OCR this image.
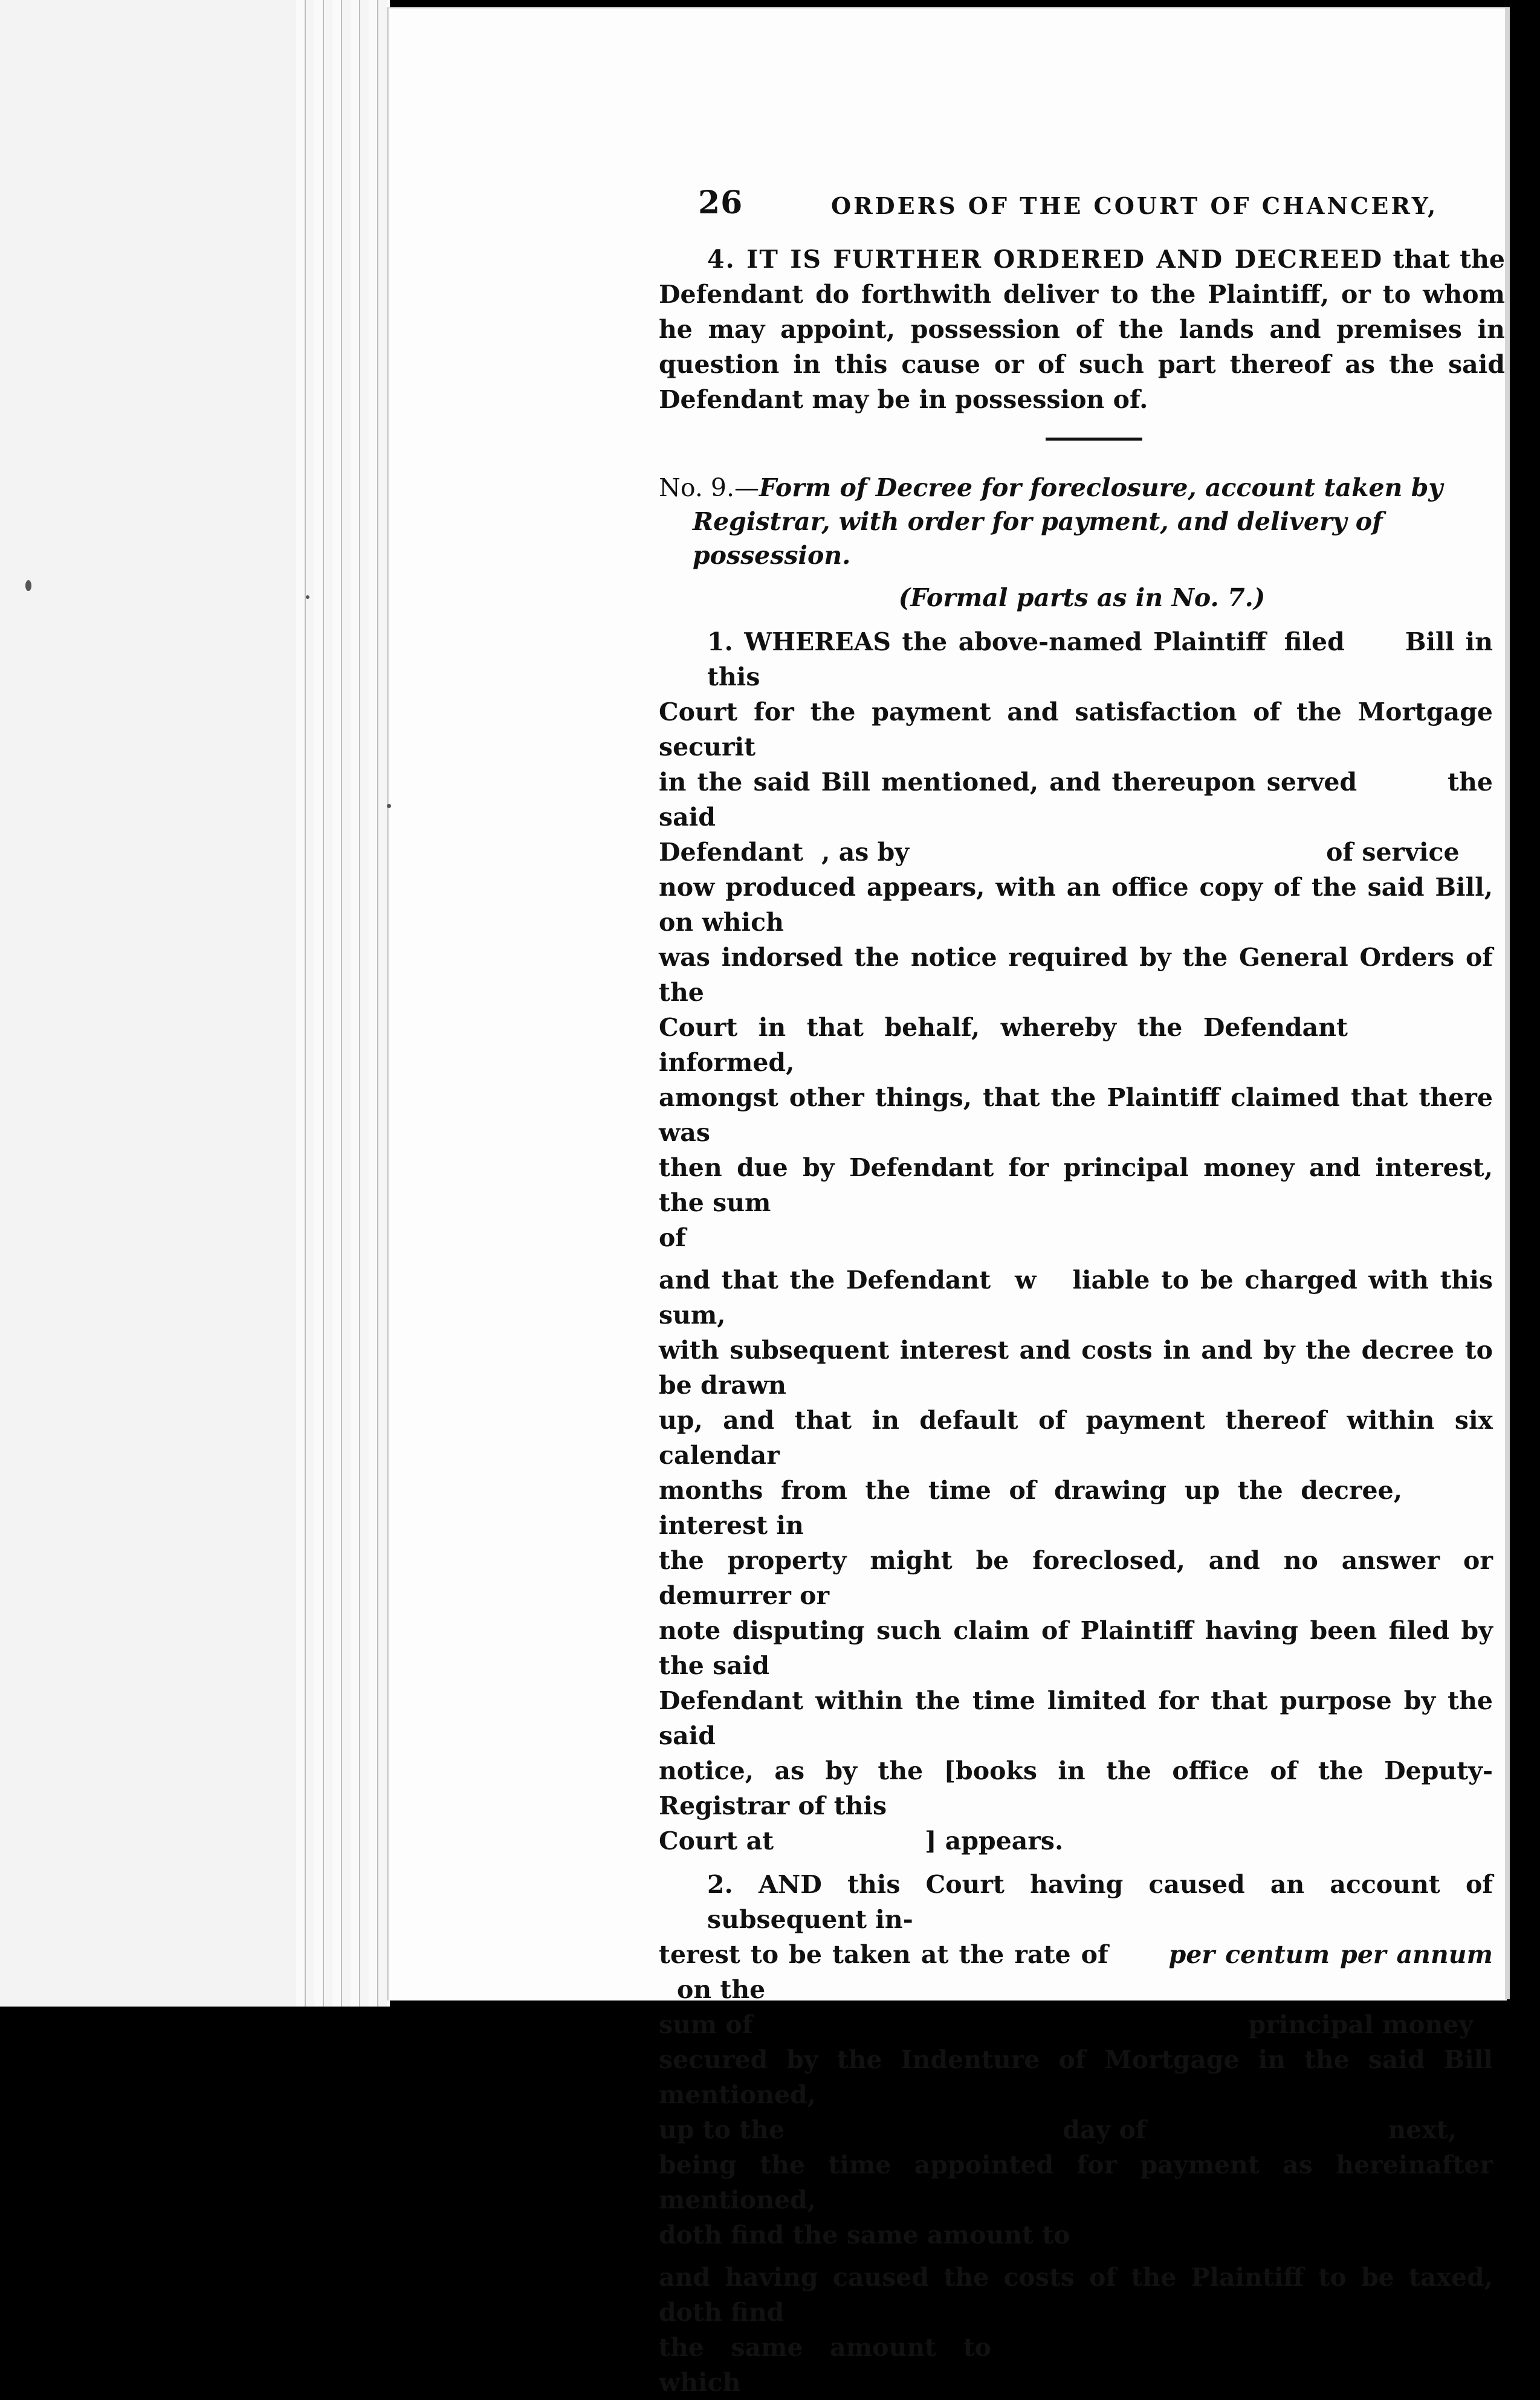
26	ORDERS OF THE COURT OF CHANCERY,

4. IT IS FURTHER ORDERED AND DECREED that the Defendant do forthwith deliver to the Plaintiff, or to whom he may appoint, possession of the lands and premises in question in this cause or of such part thereof as the said Defendant may be in possession of.

No. 9.—Form of Decree for foreclosure, account taken by Registrar, with order for payment, and delivery of possession.

(Formal parts as in No. 7.)

1. WHEREAS the above-named Plaintiff filed Bill in this
Court for the payment and satisfaction of the Mortgage securit
in the said Bill mentioned, and thereupon served	the said
Defendant , as by	of service
now produced appears, with an office copy of the said Bill, on which
was indorsed the notice required by the General Orders of the
Court in that behalf, whereby the Defendantinformed,
amongst other things, that the Plaintiff claimed that there was
then due by Defendant for principal money and interest, the sum
of
and that the Defendant w liable to be charged with this sum,
with subsequent interest and costs in and by the decree to be drawn
up, and that in default of payment thereof within six calendar
months from the time of drawing up the decree,interest in
the property might be foreclosed, and no answer or demurrer or
note disputing such claim of Plaintiff having been filed by the said
Defendant within the time limited for that purpose by the said
notice, as by the [books in the office of the Deputy-Registrar of this
Court at	] appears.
2. AND this Court having caused an account of subsequent in-
terest to be taken at the rate of per centum per annumon the
sum of	principal money
secured by the Indenture of Mortgage in the said Bill mentioned,
up to the	day of	next,
being the time appointed for payment as hereinafter mentioned,
doth find the same amount to
and having caused the costs of the Plaintiff to be taxed, doth find
the same amount towhich
